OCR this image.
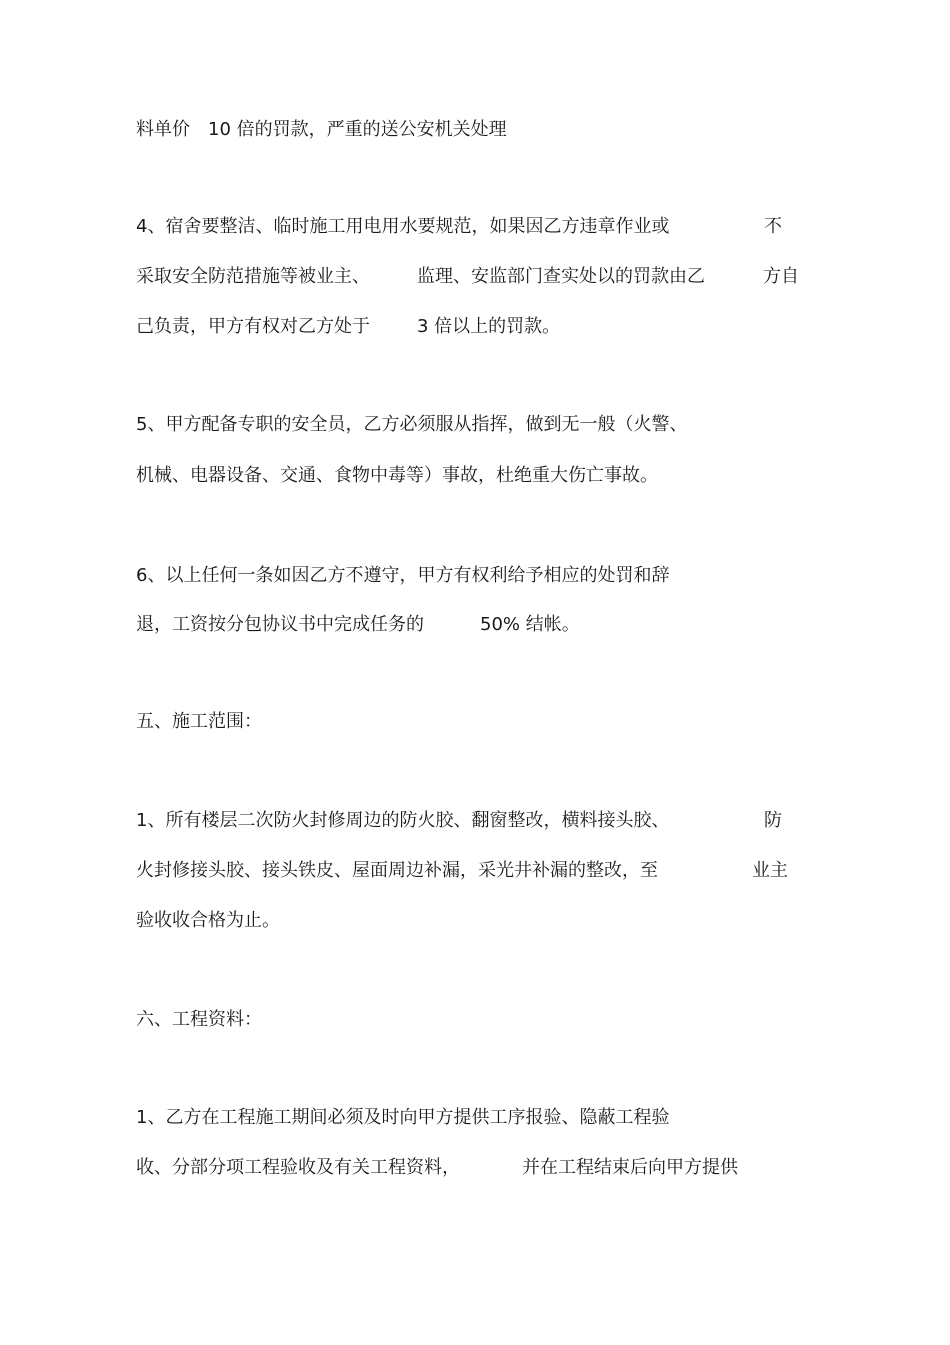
料单价 10 倍的罚款，严重的送公安机关处理
4、宿舍要整洁、临时施工用电用水要规范，如果因乙方违章作业或	不
采取安全防范措施等被业主、	监理、安监部门查实处以的罚款由乙	方自
己负责，甲方有权对乙方处于	3 倍以上的罚款。
5、甲方配备专职的安全员，乙方必须服从指挥，做到无一般（火警、
机械、电器设备、交通、食物中毒等）事故，杜绝重大伤亡事故。
6、以上任何一条如因乙方不遵守，甲方有权利给予相应的处罚和辞
退，工资按分包协议书中完成任务的	50% 结帐。
五、施工范围：
1、所有楼层二次防火封修周边的防火胶、翻窗整改，横料接头胶、	防
火封修接头胶、接头铁皮、屋面周边补漏，采光井补漏的整改，至	业主
验收收合格为止。
六、工程资料：
1、乙方在工程施工期间必须及时向甲方提供工序报验、隐蔽工程验
收、分部分项工程验收及有关工程资料，	并在工程结束后向甲方提供
